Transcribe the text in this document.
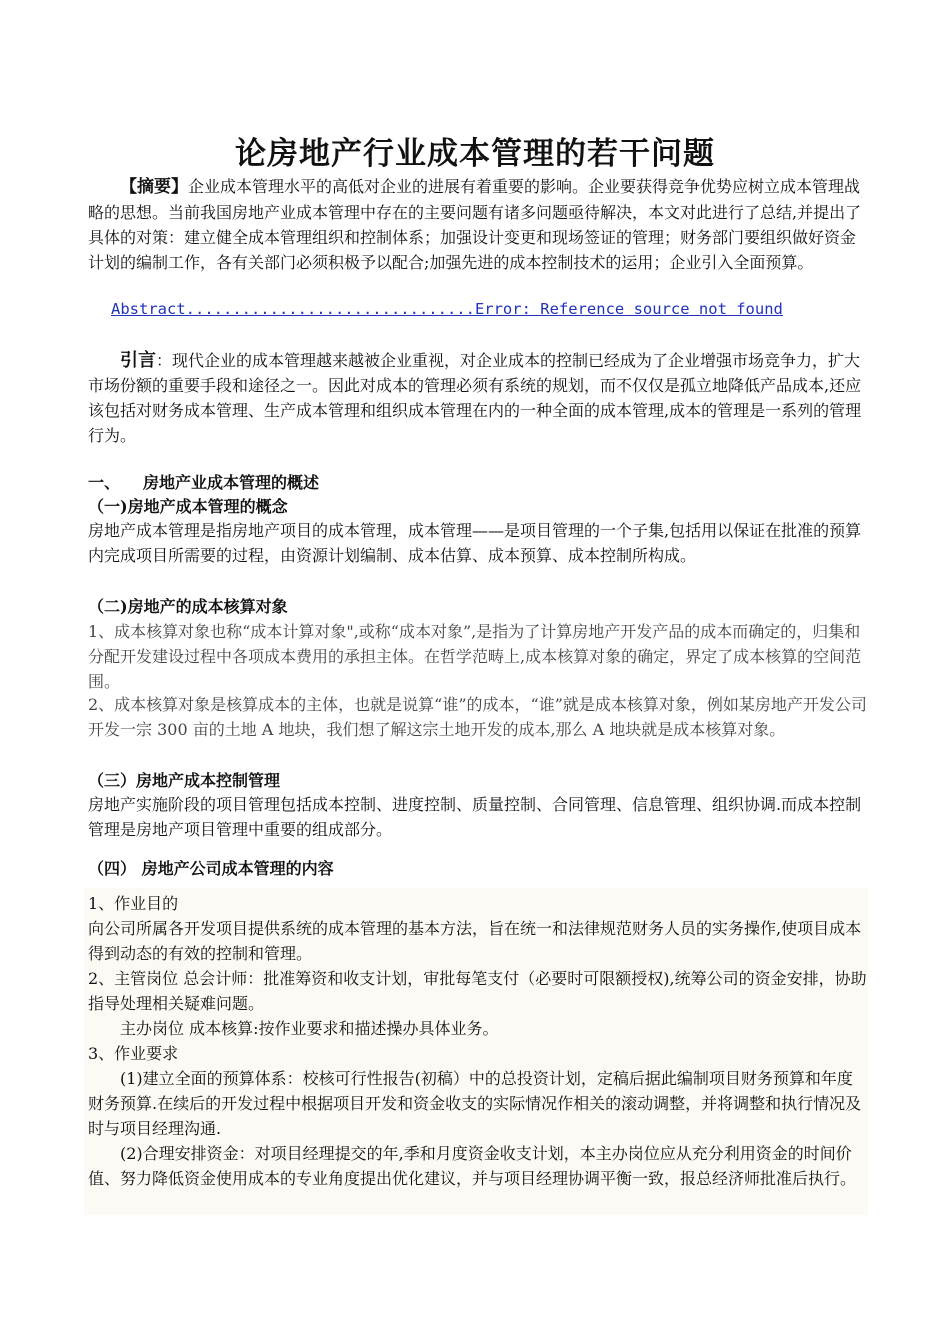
论房地产行业成本管理的若干问题
【摘要】企业成本管理水平的高低对企业的进展有着重要的影响。企业要获得竞争优势应树立成本管理战略的思想。当前我国房地产业成本管理中存在的主要问题有诸多问题亟待解决，本文对此进行了总结,并提出了具体的对策：建立健全成本管理组织和控制体系；加强设计变更和现场签证的管理；财务部门要组织做好资金计划的编制工作，各有关部门必须积极予以配合;加强先进的成本控制技术的运用；企业引入全面预算。
Abstract...............................Error: Reference source not found
引言：现代企业的成本管理越来越被企业重视，对企业成本的控制已经成为了企业增强市场竞争力，扩大市场份额的重要手段和途径之一。因此对成本的管理必须有系统的规划，而不仅仅是孤立地降低产品成本,还应该包括对财务成本管理、生产成本管理和组织成本管理在内的一种全面的成本管理,成本的管理是一系列的管理行为。
一、 房地产业成本管理的概述
（一)房地产成本管理的概念
房地产成本管理是指房地产项目的成本管理，成本管理——是项目管理的一个子集,包括用以保证在批准的预算内完成项目所需要的过程，由资源计划编制、成本估算、成本预算、成本控制所构成。
（二)房地产的成本核算对象
1、成本核算对象也称“成本计算对象",或称“成本对象”,是指为了计算房地产开发产品的成本而确定的，归集和分配开发建设过程中各项成本费用的承担主体。在哲学范畴上,成本核算对象的确定，界定了成本核算的空间范围。
2、成本核算对象是核算成本的主体，也就是说算“谁”的成本，“谁”就是成本核算对象，例如某房地产开发公司开发一宗 300 亩的土地 A 地块，我们想了解这宗土地开发的成本,那么 A 地块就是成本核算对象。
（三）房地产成本控制管理
房地产实施阶段的项目管理包括成本控制、进度控制、质量控制、合同管理、信息管理、组织协调.而成本控制管理是房地产项目管理中重要的组成部分。
（四） 房地产公司成本管理的内容
1、作业目的
向公司所属各开发项目提供系统的成本管理的基本方法，旨在统一和法律规范财务人员的实务操作,使项目成本得到动态的有效的控制和管理。
2、主管岗位 总会计师：批准筹资和收支计划，审批每笔支付（必要时可限额授权),统筹公司的资金安排，协助指导处理相关疑难问题。
主办岗位 成本核算:按作业要求和描述操办具体业务。
3、作业要求
(1)建立全面的预算体系：校核可行性报告(初稿）中的总投资计划，定稿后据此编制项目财务预算和年度财务预算.在续后的开发过程中根据项目开发和资金收支的实际情况作相关的滚动调整，并将调整和执行情况及时与项目经理沟通.
(2)合理安排资金：对项目经理提交的年,季和月度资金收支计划，本主办岗位应从充分利用资金的时间价值、努力降低资金使用成本的专业角度提出优化建议，并与项目经理协调平衡一致，报总经济师批准后执行。
